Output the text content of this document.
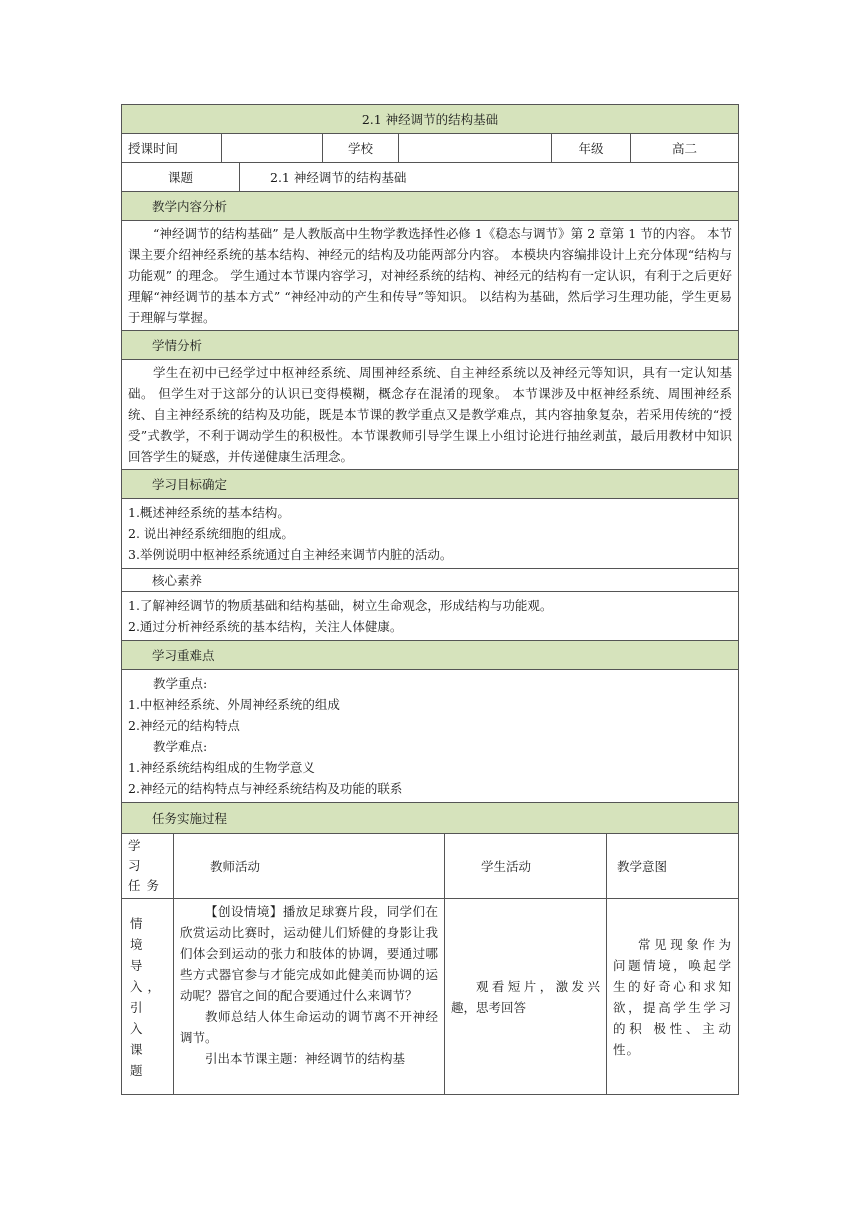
2.1 神经调节的结构基础
授课时间		学校		年级	高二
课题	2.1 神经调节的结构基础
教学内容分析
“神经调节的结构基础” 是人教版高中生物学教选择性必修 1《稳态与调节》第 2 章第 1 节的内容。 本节课主要介绍神经系统的基本结构、神经元的结构及功能两部分内容。 本模块内容编排设计上充分体现“结构与功能观” 的理念。 学生通过本节课内容学习，对神经系统的结构、神经元的结构有一定认识，有利于之后更好理解“神经调节的基本方式” “神经冲动的产生和传导”等知识。 以结构为基础，然后学习生理功能，学生更易于理解与掌握。
学情分析
学生在初中已经学过中枢神经系统、周围神经系统、自主神经系统以及神经元等知识，具有一定认知基础。 但学生对于这部分的认识已变得模糊，概念存在混淆的现象。 本节课涉及中枢神经系统、周围神经系统、自主神经系统的结构及功能，既是本节课的教学重点又是教学难点，其内容抽象复杂，若采用传统的“授受”式教学，不利于调动学生的积极性。本节课教师引导学生课上小组讨论进行抽丝剥茧，最后用教材中知识回答学生的疑惑，并传递健康生活理念。
学习目标确定

1.概述神经系统的基本结构。

2. 说出神经系统细胞的组成。

3.举例说明中枢神经系统通过自主神经来调节内脏的活动。

核心素养

1.了解神经调节的物质基础和结构基础，树立生命观念，形成结构与功能观。

2.通过分析神经系统的基本结构，关注人体健康。

学习重难点

教学重点:

1.中枢神经系统、外周神经系统的组成

2.神经元的结构特点

教学难点:

1.神经系统结构组成的生物学意义

2.神经元的结构特点与神经系统结构及功能的联系

任务实施过程
学 习 任务	教师活动	学生活动	教学意图
情 境 导 入，引 入 课 题	【创设情境】播放足球赛片段，同学们在欣赏运动比赛时，运动健儿们矫健的身影让我们体会到运动的张力和肢体的协调，要通过哪些方式器官参与才能完成如此健美而协调的运动呢？器官之间的配合要通过什么来调节？

教师总结人体生命运动的调节离不开神经调节。

引出本节课主题：神经调节的结构基	观看短片，激发兴趣，思考回答	常见现象作为问题情境，唤起学生的好奇心和求知欲，提高学生学习的积 极性、主动性。
